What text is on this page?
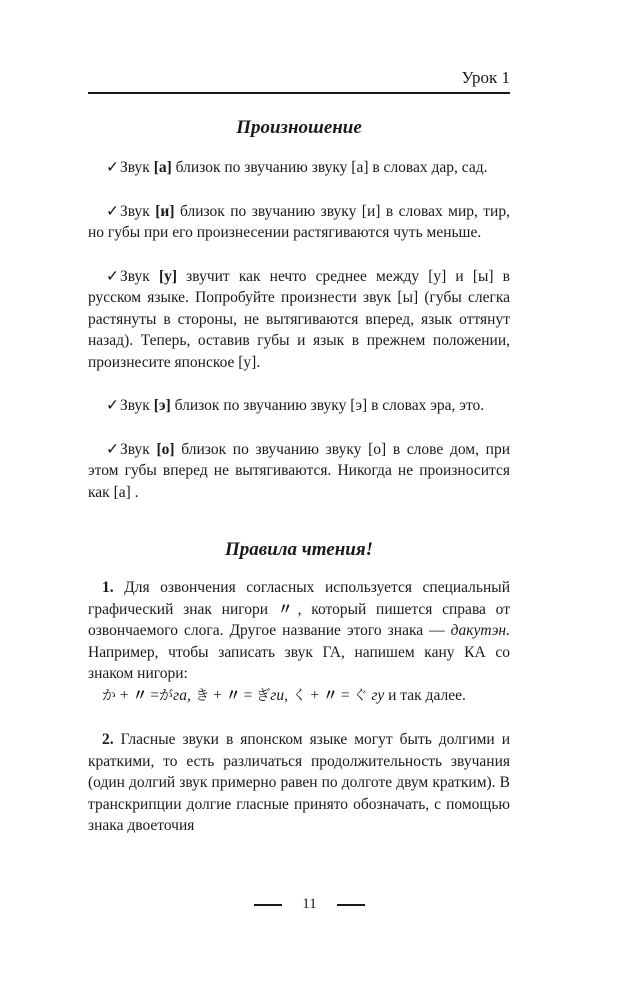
Урок 1
Произношение

✓Звук [а] близок по звучанию звуку [а] в словах дар, сад.

✓Звук [и] близок по звучанию звуку [и] в словах мир, тир, но губы при его произнесении растягиваются чуть меньше.

✓Звук [у] звучит как нечто среднее между [у] и [ы] в русском языке. Попробуйте произнести звук [ы] (губы слегка растянуты в стороны, не вытягиваются вперед, язык оттянут назад). Теперь, оставив губы и язык в прежнем положении, произнесите японское [у].

✓Звук [э] близок по звучанию звуку [э] в словах эра, это.

✓Звук [о] близок по звучанию звуку [о] в слове дом, при этом губы вперед не вытягиваются. Никогда не произносится как [а] .

Правила чтения!

1. Для озвончения согласных используется специальный графический знак нигори 〃, который пишется справа от озвончаемого слога. Другое название этого знака — дакутэн. Например, чтобы записать звук ГА, напишем кану КА со знаком нигори:

か + 〃 =がга, き + 〃 = ぎги, く + 〃 = ぐ гу и так далее.

2. Гласные звуки в японском языке могут быть долгими и краткими, то есть различаться продолжительность звучания (один долгий звук примерно равен по долготе двум кратким). В транскрипции долгие гласные принято обозначать, с помощью знака двоеточия

11
